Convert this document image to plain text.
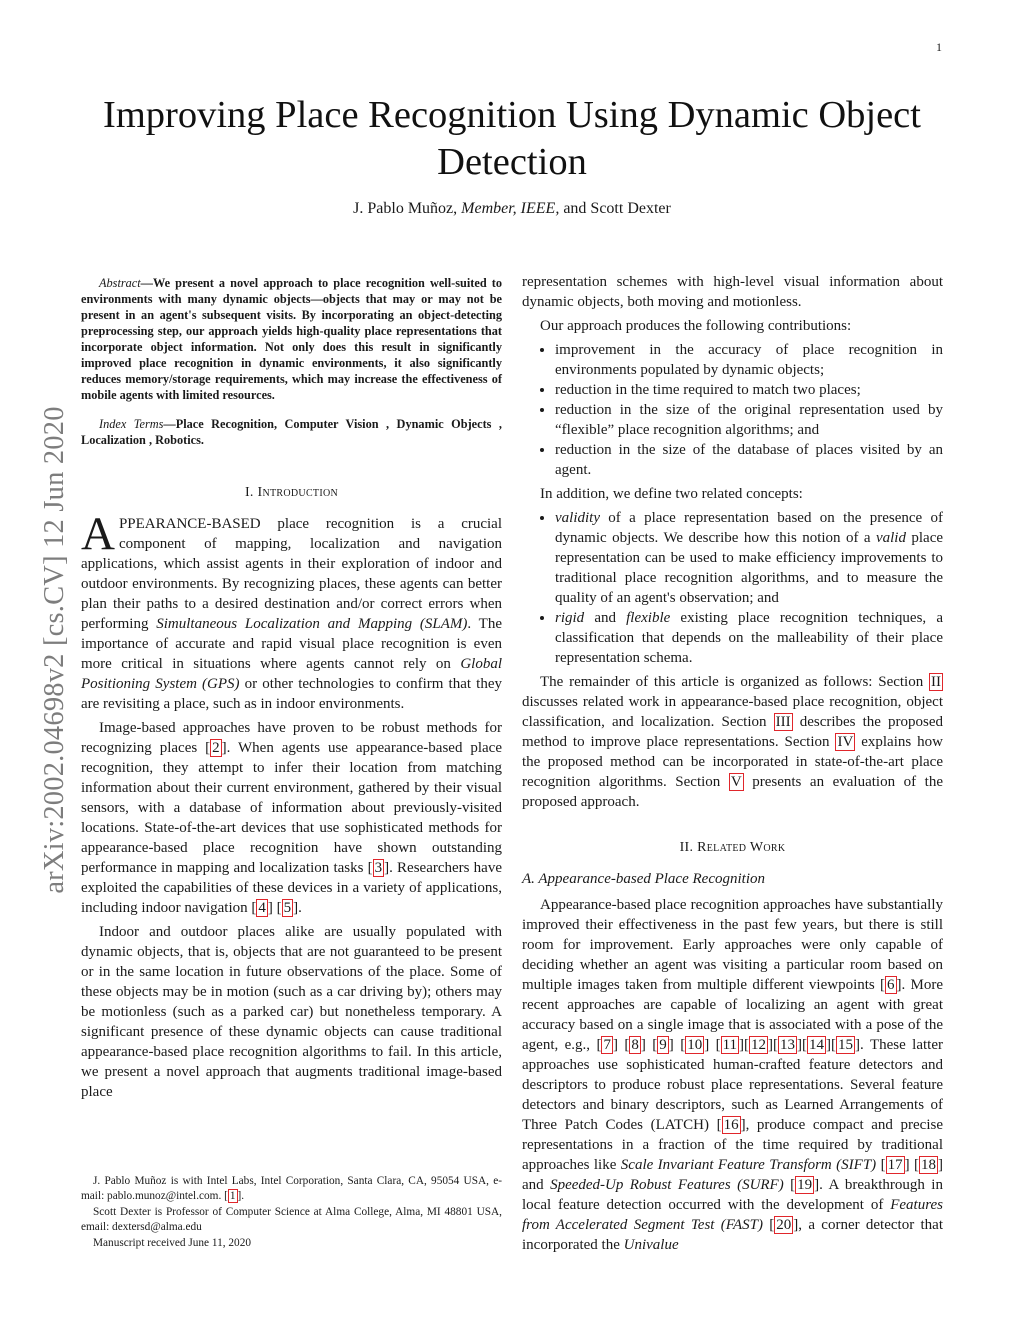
1
Improving Place Recognition Using Dynamic Object Detection
J. Pablo Muñoz, Member, IEEE, and Scott Dexter
arXiv:2002.04698v2 [cs.CV] 12 Jun 2020

Abstract—We present a novel approach to place recognition well-suited to environments with many dynamic objects—objects that may or may not be present in an agent's subsequent visits. By incorporating an object-detecting preprocessing step, our approach yields high-quality place representations that incorporate object information. Not only does this result in significantly improved place recognition in dynamic environments, it also significantly reduces memory/storage requirements, which may increase the effectiveness of mobile agents with limited resources.

Index Terms—Place Recognition, Computer Vision , Dynamic Objects , Localization , Robotics.

I. Introduction

APPEARANCE-BASED place recognition is a crucial component of mapping, localization and navigation applications, which assist agents in their exploration of indoor and outdoor environments. By recognizing places, these agents can better plan their paths to a desired destination and/or correct errors when performing Simultaneous Localization and Mapping (SLAM). The importance of accurate and rapid visual place recognition is even more critical in situations where agents cannot rely on Global Positioning System (GPS) or other technologies to confirm that they are revisiting a place, such as in indoor environments.

Image-based approaches have proven to be robust methods for recognizing places [ 2 ]. When agents use appearance-based place recognition, they attempt to infer their location from matching information about their current environment, gathered by their visual sensors, with a database of information about previously-visited locations. State-of-the-art devices that use sophisticated methods for appearance-based place recognition have shown outstanding performance in mapping and localization tasks [ 3 ]. Researchers have exploited the capabilities of these devices in a variety of applications, including indoor navigation [ 4 ] [ 5 ].

Indoor and outdoor places alike are usually populated with dynamic objects, that is, objects that are not guaranteed to be present or in the same location in future observations of the place. Some of these objects may be in motion (such as a car driving by); others may be motionless (such as a parked car) but nonetheless temporary. A significant presence of these dynamic objects can cause traditional appearance-based place recognition algorithms to fail. In this article, we present a novel approach that augments traditional image-based place

J. Pablo Muñoz is with Intel Labs, Intel Corporation, Santa Clara, CA, 95054 USA, e-mail: pablo.munoz@intel.com. [ 1 ].

Scott Dexter is Professor of Computer Science at Alma College, Alma, MI 48801 USA, email: dextersd@alma.edu

Manuscript received June 11, 2020

representation schemes with high-level visual information about dynamic objects, both moving and motionless.

Our approach produces the following contributions:

• improvement in the accuracy of place recognition in environments populated by dynamic objects;
• reduction in the time required to match two places;
• reduction in the size of the original representation used by “flexible” place recognition algorithms; and
• reduction in the size of the database of places visited by an agent.

In addition, we define two related concepts:

• validity of a place representation based on the presence of dynamic objects. We describe how this notion of a valid place representation can be used to make efficiency improvements to traditional place recognition algorithms, and to measure the quality of an agent's observation; and
• rigid and flexible existing place recognition techniques, a classification that depends on the malleability of their place representation schema.

The remainder of this article is organized as follows: Section II discusses related work in appearance-based place recognition, object classification, and localization. Section III describes the proposed method to improve place representations. Section IV explains how the proposed method can be incorporated in state-of-the-art place recognition algorithms. Section V presents an evaluation of the proposed approach.

II. Related Work
A. Appearance-based Place Recognition

Appearance-based place recognition approaches have substantially improved their effectiveness in the past few years, but there is still room for improvement. Early approaches were only capable of deciding whether an agent was visiting a particular room based on multiple images taken from multiple different viewpoints [ 6 ]. More recent approaches are capable of localizing an agent with great accuracy based on a single image that is associated with a pose of the agent, e.g., [ 7 ] [ 8 ] [ 9 ] [ 10 ] [ 11 ][ 12 ][ 13 ][ 14 ][ 15 ]. These latter approaches use sophisticated human-crafted feature detectors and descriptors to produce robust place representations. Several feature detectors and binary descriptors, such as Learned Arrangements of Three Patch Codes (LATCH) [ 16 ], produce compact and precise representations in a fraction of the time required by traditional approaches like Scale Invariant Feature Transform (SIFT) [ 17 ] [ 18 ] and Speeded-Up Robust Features (SURF) [ 19 ]. A breakthrough in local feature detection occurred with the development of Features from Accelerated Segment Test (FAST) [ 20 ], a corner detector that incorporated the Univalue
